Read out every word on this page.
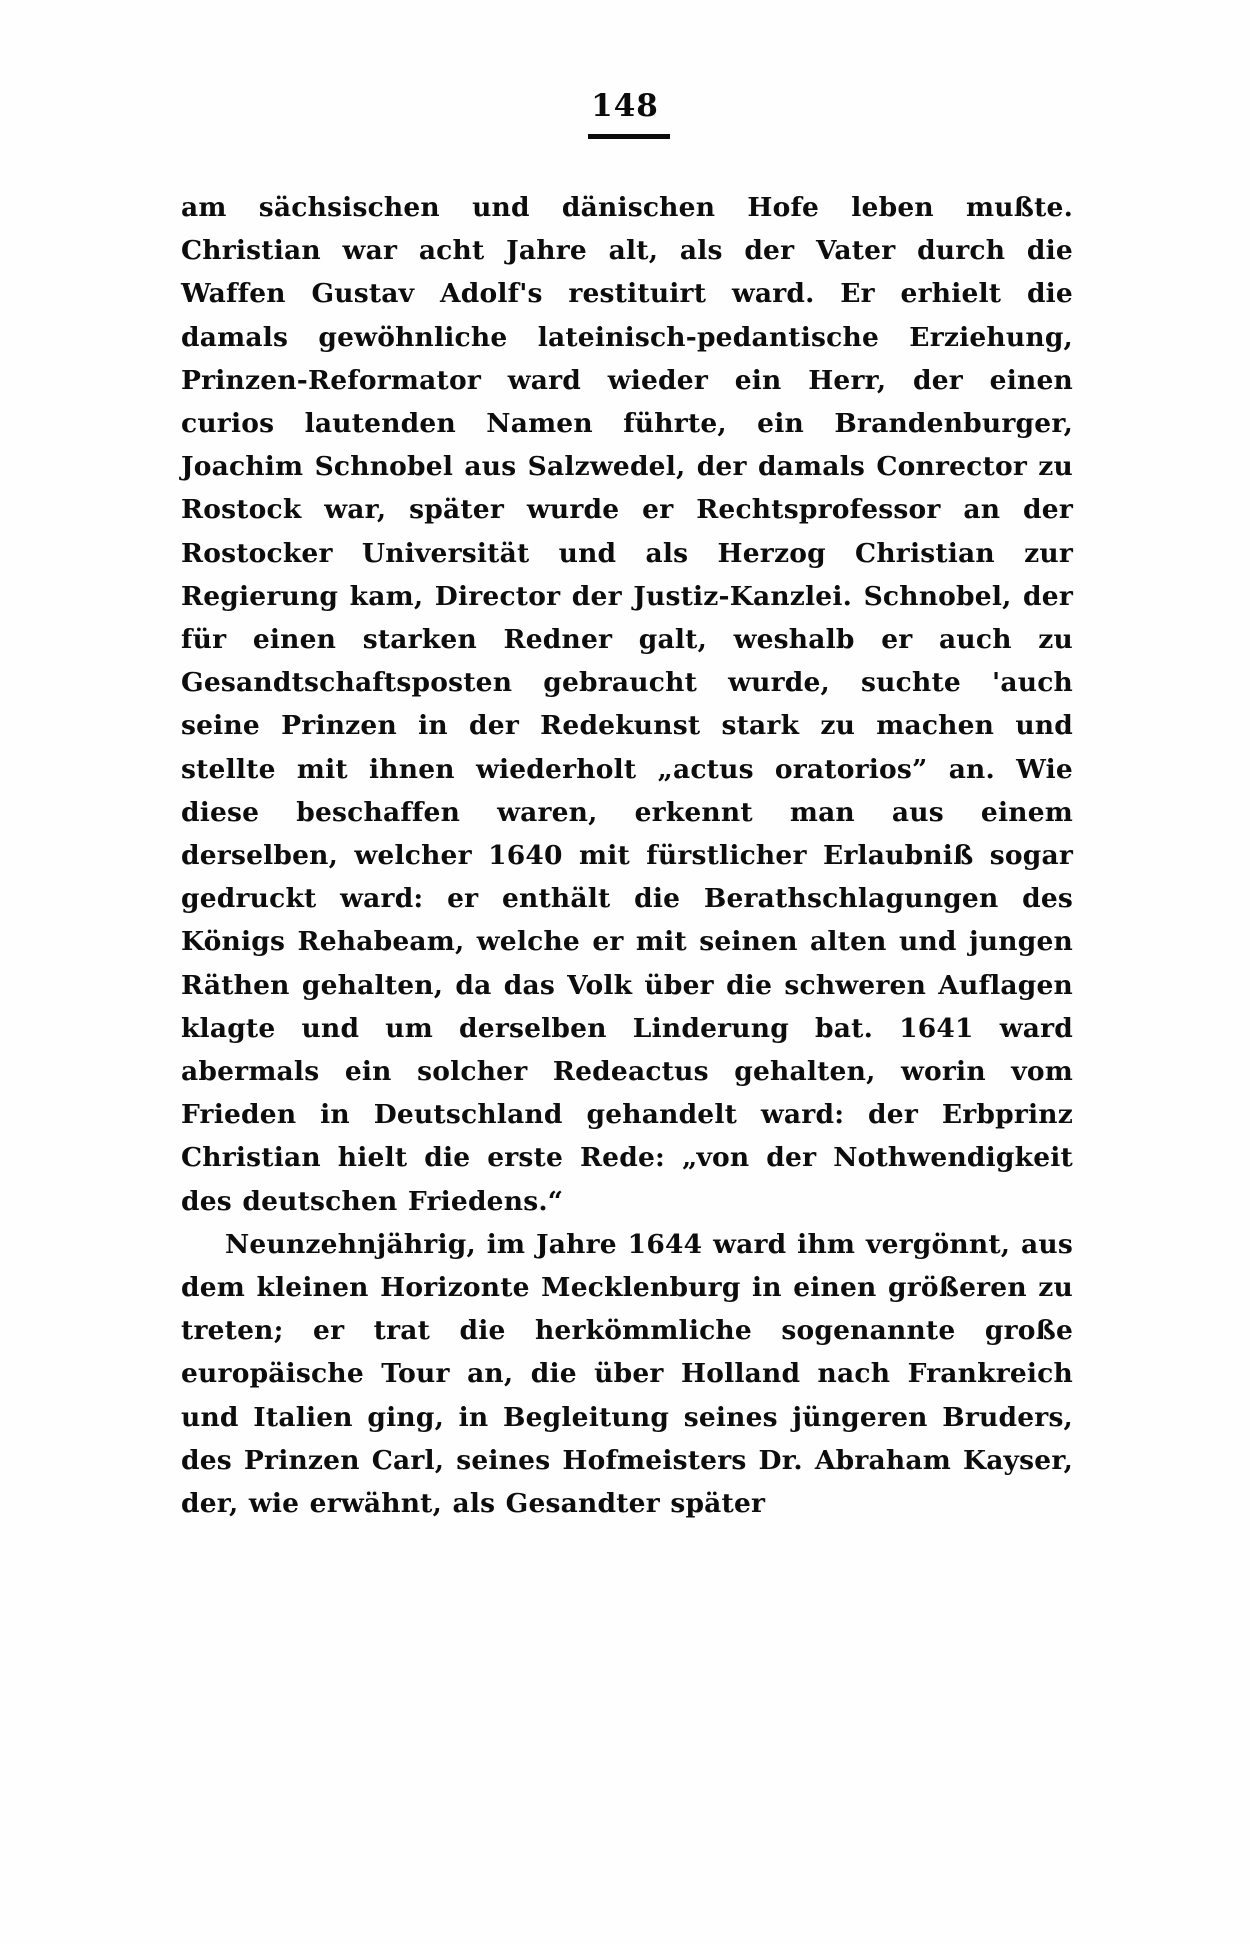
148

am sächsischen und dänischen Hofe leben mußte. Christian war acht Jahre alt, als der Vater durch die Waffen Gustav Adolf's restituirt ward. Er erhielt die damals gewöhnliche lateinisch-pedantische Erziehung, Prinzen-Reformator ward wieder ein Herr, der einen curios lautenden Namen führte, ein Brandenburger, Joachim Schnobel aus Salzwedel, der damals Conrector zu Rostock war, später wurde er Rechtsprofessor an der Rostocker Universität und als Herzog Christian zur Regierung kam, Director der Justiz-Kanzlei. Schnobel, der für einen starken Redner galt, weshalb er auch zu Gesandtschaftsposten gebraucht wurde, suchte 'auch seine Prinzen in der Redekunst stark zu machen und stellte mit ihnen wiederholt „actus oratorios” an. Wie diese beschaffen waren, erkennt man aus einem derselben, welcher 1640 mit fürstlicher Erlaubniß sogar gedruckt ward: er enthält die Berathschlagungen des Königs Rehabeam, welche er mit seinen alten und jungen Räthen gehalten, da das Volk über die schweren Auflagen klagte und um derselben Linderung bat. 1641 ward abermals ein solcher Redeactus gehalten, worin vom Frieden in Deutschland gehandelt ward: der Erbprinz Christian hielt die erste Rede: „von der Nothwendigkeit des deutschen Friedens.“

Neunzehnjährig, im Jahre 1644 ward ihm vergönnt, aus dem kleinen Horizonte Mecklenburg in einen größeren zu treten; er trat die herkömmliche sogenannte große europäische Tour an, die über Holland nach Frankreich und Italien ging, in Begleitung seines jüngeren Bruders, des Prinzen Carl, seines Hofmeisters Dr. Abraham Kayser, der, wie erwähnt, als Gesandter später
